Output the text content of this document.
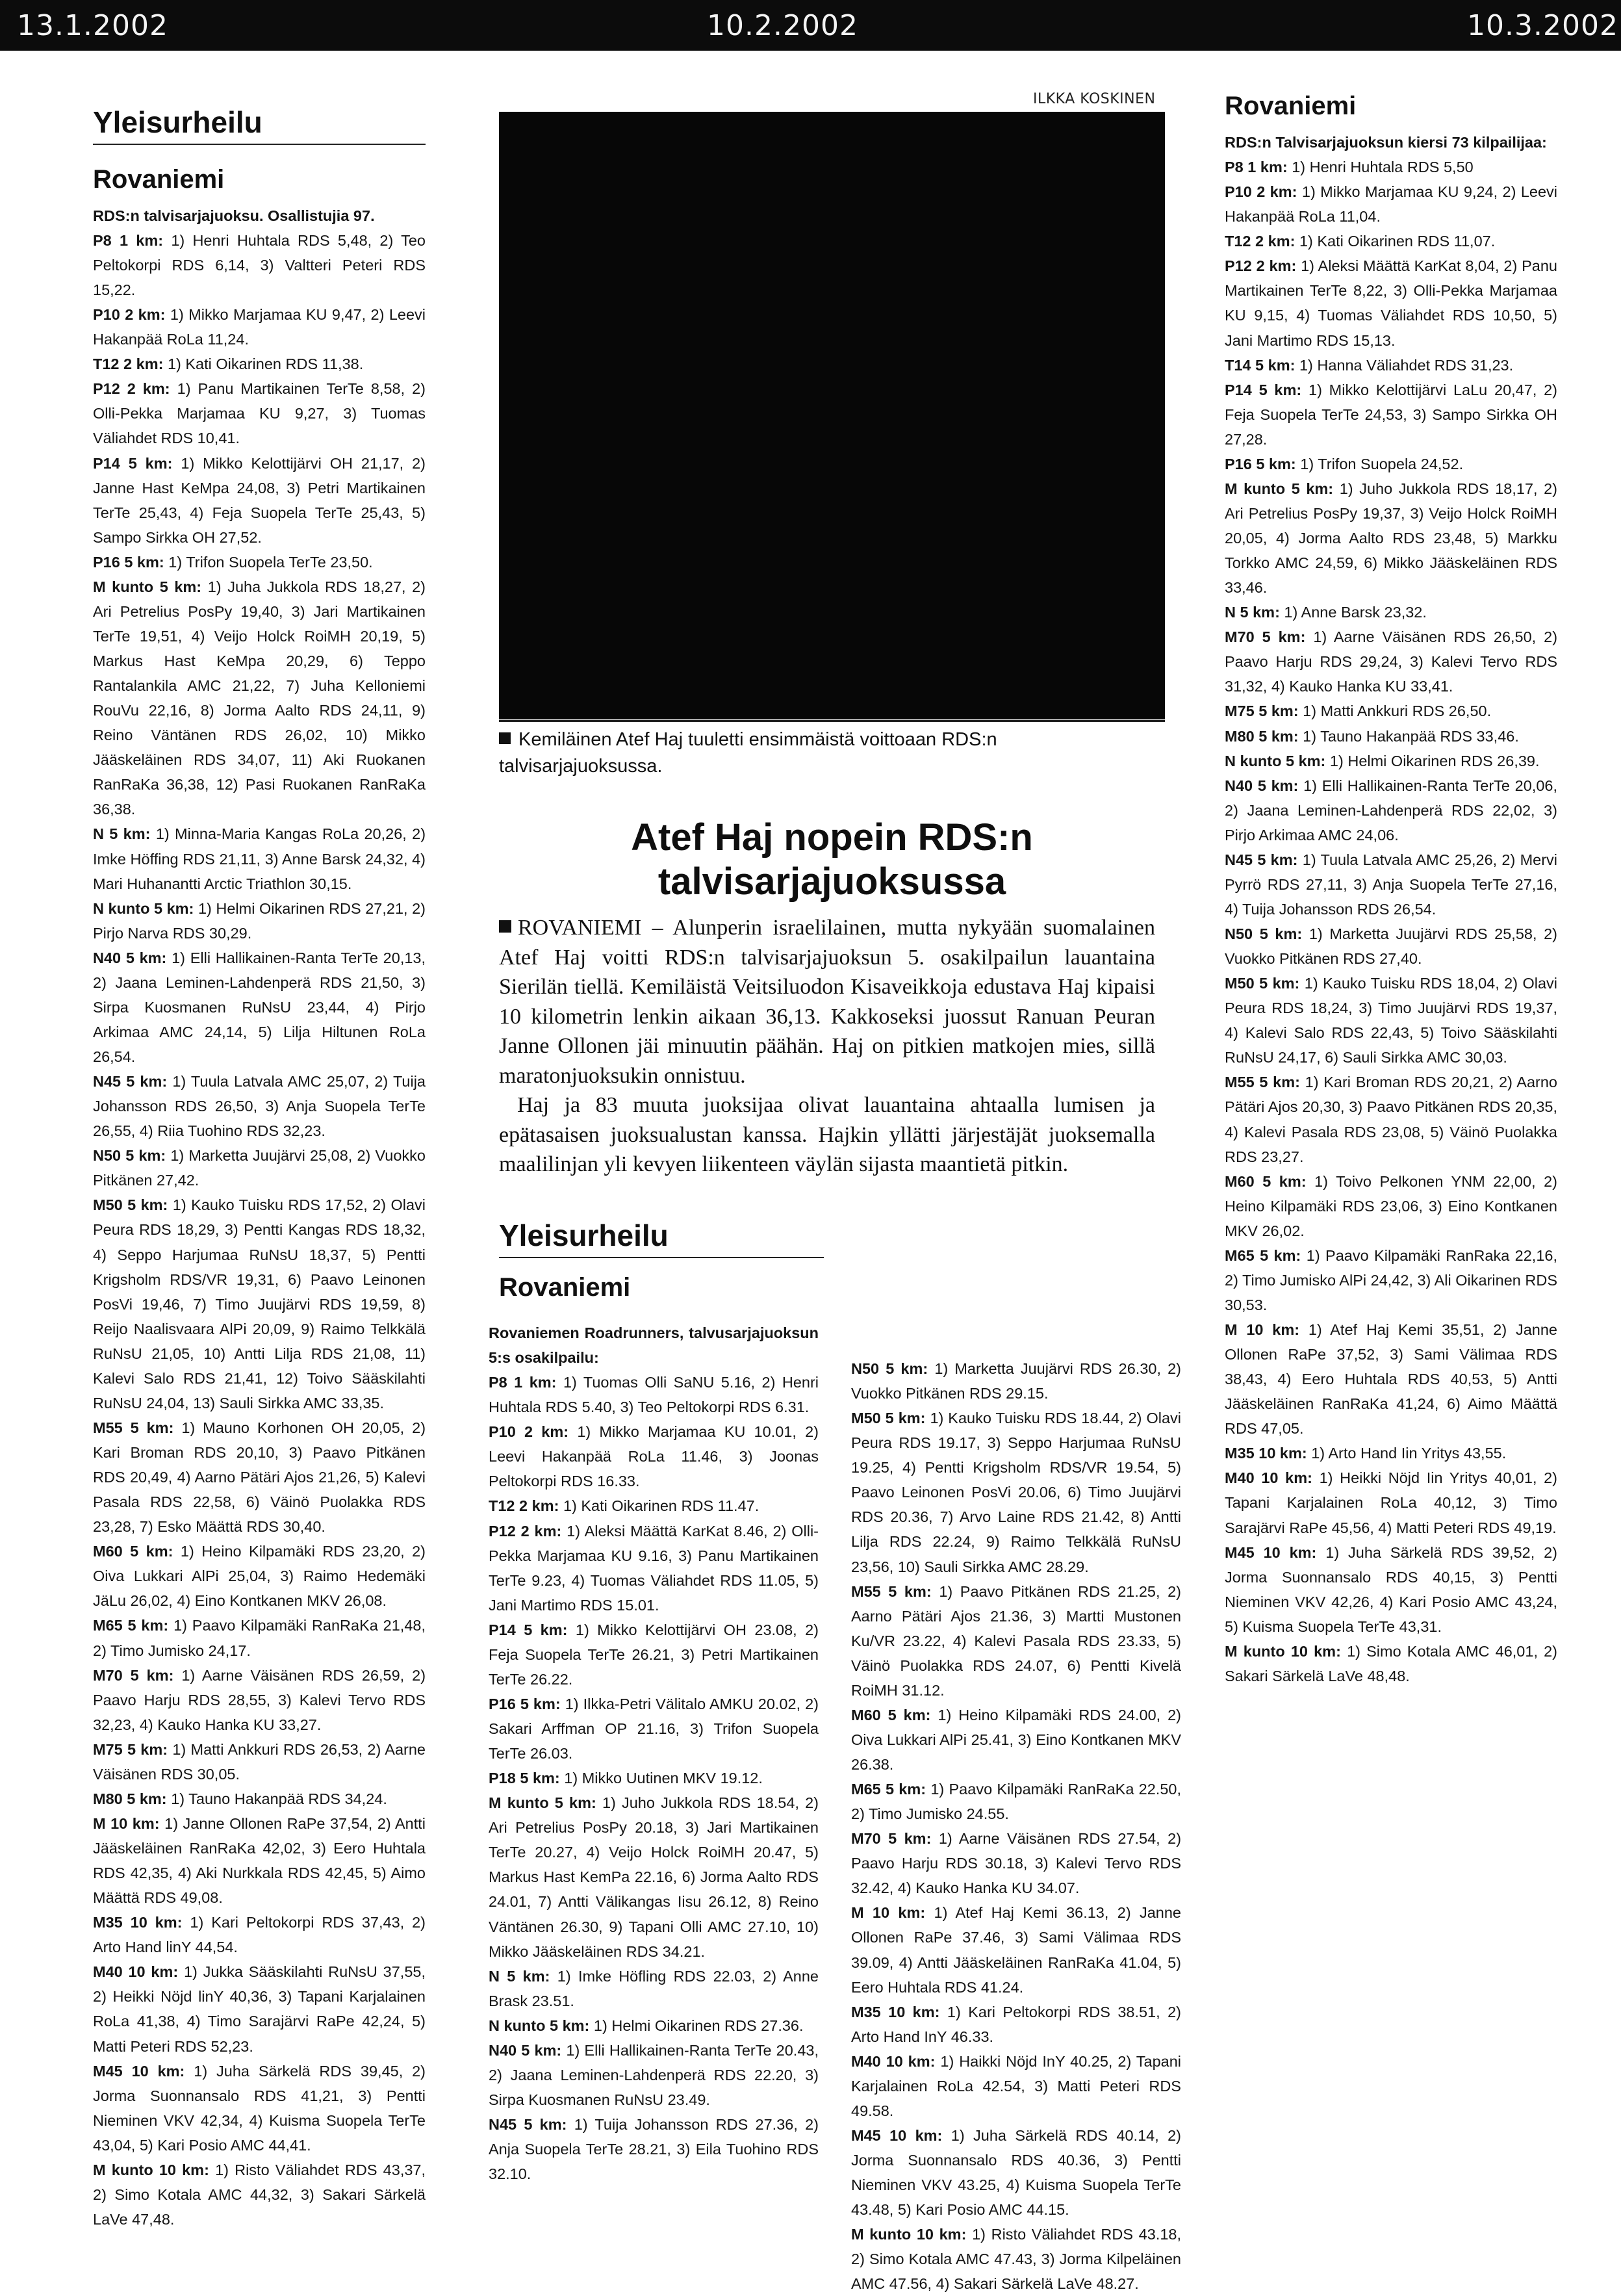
13.1.2002	10.2.2002	10.3.2002
Yleisurheilu
Rovaniemi

RDS:n talvisarjajuoksu. Osallistujia 97.

P8 1 km: 1) Henri Huhtala RDS 5,48, 2) Teo Peltokorpi RDS 6,14, 3) Valtteri Peteri RDS 15,22.

P10 2 km: 1) Mikko Marjamaa KU 9,47, 2) Leevi Hakanpää RoLa 11,24.

T12 2 km: 1) Kati Oikarinen RDS 11,38.

P12 2 km: 1) Panu Martikainen TerTe 8,58, 2) Olli-Pekka Marjamaa KU 9,27, 3) Tuomas Väliahdet RDS 10,41.

P14 5 km: 1) Mikko Kelottijärvi OH 21,17, 2) Janne Hast KeMpa 24,08, 3) Petri Martikainen TerTe 25,43, 4) Feja Suopela TerTe 25,43, 5) Sampo Sirkka OH 27,52.

P16 5 km: 1) Trifon Suopela TerTe 23,50.

M kunto 5 km: 1) Juha Jukkola RDS 18,27, 2) Ari Petrelius PosPy 19,40, 3) Jari Martikainen TerTe 19,51, 4) Veijo Holck RoiMH 20,19, 5) Markus Hast KeMpa 20,29, 6) Teppo Rantalankila AMC 21,22, 7) Juha Kelloniemi RouVu 22,16, 8) Jorma Aalto RDS 24,11, 9) Reino Väntänen RDS 26,02, 10) Mikko Jääskeläinen RDS 34,07, 11) Aki Ruokanen RanRaKa 36,38, 12) Pasi Ruokanen RanRaKa 36,38.

N 5 km: 1) Minna-Maria Kangas RoLa 20,26, 2) Imke Höffing RDS 21,11, 3) Anne Barsk 24,32, 4) Mari Huhanantti Arctic Triathlon 30,15.

N kunto 5 km: 1) Helmi Oikarinen RDS 27,21, 2) Pirjo Narva RDS 30,29.

N40 5 km: 1) Elli Hallikainen-Ranta TerTe 20,13, 2) Jaana Leminen-Lahdenperä RDS 21,50, 3) Sirpa Kuosmanen RuNsU 23,44, 4) Pirjo Arkimaa AMC 24,14, 5) Lilja Hiltunen RoLa 26,54.

N45 5 km: 1) Tuula Latvala AMC 25,07, 2) Tuija Johansson RDS 26,50, 3) Anja Suopela TerTe 26,55, 4) Riia Tuohino RDS 32,23.

N50 5 km: 1) Marketta Juujärvi 25,08, 2) Vuokko Pitkänen 27,42.

M50 5 km: 1) Kauko Tuisku RDS 17,52, 2) Olavi Peura RDS 18,29, 3) Pentti Kangas RDS 18,32, 4) Seppo Harjumaa RuNsU 18,37, 5) Pentti Krigsholm RDS/VR 19,31, 6) Paavo Leinonen PosVi 19,46, 7) Timo Juujärvi RDS 19,59, 8) Reijo Naalisvaara AlPi 20,09, 9) Raimo Telkkälä RuNsU 21,05, 10) Antti Lilja RDS 21,08, 11) Kalevi Salo RDS 21,41, 12) Toivo Sääskilahti RuNsU 24,04, 13) Sauli Sirkka AMC 33,35.

M55 5 km: 1) Mauno Korhonen OH 20,05, 2) Kari Broman RDS 20,10, 3) Paavo Pitkänen RDS 20,49, 4) Aarno Pätäri Ajos 21,26, 5) Kalevi Pasala RDS 22,58, 6) Väinö Puolakka RDS 23,28, 7) Esko Määttä RDS 30,40.

M60 5 km: 1) Heino Kilpamäki RDS 23,20, 2) Oiva Lukkari AlPi 25,04, 3) Raimo Hedemäki JäLu 26,02, 4) Eino Kontkanen MKV 26,08.

M65 5 km: 1) Paavo Kilpamäki RanRaKa 21,48, 2) Timo Jumisko 24,17.

M70 5 km: 1) Aarne Väisänen RDS 26,59, 2) Paavo Harju RDS 28,55, 3) Kalevi Tervo RDS 32,23, 4) Kauko Hanka KU 33,27.

M75 5 km: 1) Matti Ankkuri RDS 26,53, 2) Aarne Väisänen RDS 30,05.

M80 5 km: 1) Tauno Hakanpää RDS 34,24.

M 10 km: 1) Janne Ollonen RaPe 37,54, 2) Antti Jääskeläinen RanRaKa 42,02, 3) Eero Huhtala RDS 42,35, 4) Aki Nurkkala RDS 42,45, 5) Aimo Määttä RDS 49,08.

M35 10 km: 1) Kari Peltokorpi RDS 37,43, 2) Arto Hand linY 44,54.

M40 10 km: 1) Jukka Sääskilahti RuNsU 37,55, 2) Heikki Nöjd linY 40,36, 3) Tapani Karjalainen RoLa 41,38, 4) Timo Sarajärvi RaPe 42,24, 5) Matti Peteri RDS 52,23.

M45 10 km: 1) Juha Särkelä RDS 39,45, 2) Jorma Suonnansalo RDS 41,21, 3) Pentti Nieminen VKV 42,34, 4) Kuisma Suopela TerTe 43,04, 5) Kari Posio AMC 44,41.

M kunto 10 km: 1) Risto Väliahdet RDS 43,37, 2) Simo Kotala AMC 44,32, 3) Sakari Särkelä LaVe 47,48.

ILKKA KOSKINEN
Kemiläinen Atef Haj tuuletti ensimmäistä voittoaan RDS:n talvisarjajuoksussa.
Atef Haj nopein RDS:n talvisarjajuoksussa

ROVANIEMI – Alunperin israelilainen, mutta nykyään suomalainen Atef Haj voitti RDS:n talvisarjajuoksun 5. osakilpailun lauantaina Sierilän tiellä. Kemiläistä Veitsiluodon Kisaveikkoja edustava Haj kipaisi 10 kilometrin lenkin aikaan 36,13. Kakkoseksi juossut Ranuan Peuran Janne Ollonen jäi minuutin päähän. Haj on pitkien matkojen mies, sillä maratonjuoksukin onnistuu.

Haj ja 83 muuta juoksijaa olivat lauantaina ahtaalla lumisen ja epätasaisen juoksualustan kanssa. Hajkin yllätti järjestäjät juoksemalla maalilinjan yli kevyen liikenteen väylän sijasta maantietä pitkin.

Yleisurheilu
Rovaniemi

Rovaniemen Roadrunners, talvusarjajuoksun 5:s osakilpailu:

P8 1 km: 1) Tuomas Olli SaNU 5.16, 2) Henri Huhtala RDS 5.40, 3) Teo Peltokorpi RDS 6.31.

P10 2 km: 1) Mikko Marjamaa KU 10.01, 2) Leevi Hakanpää RoLa 11.46, 3) Joonas Peltokorpi RDS 16.33.

T12 2 km: 1) Kati Oikarinen RDS 11.47.

P12 2 km: 1) Aleksi Määttä KarKat 8.46, 2) Olli-Pekka Marjamaa KU 9.16, 3) Panu Martikainen TerTe 9.23, 4) Tuomas Väliahdet RDS 11.05, 5) Jani Martimo RDS 15.01.

P14 5 km: 1) Mikko Kelottijärvi OH 23.08, 2) Feja Suopela TerTe 26.21, 3) Petri Martikainen TerTe 26.22.

P16 5 km: 1) Ilkka-Petri Välitalo AMKU 20.02, 2) Sakari Arffman OP 21.16, 3) Trifon Suopela TerTe 26.03.

P18 5 km: 1) Mikko Uutinen MKV 19.12.

M kunto 5 km: 1) Juho Jukkola RDS 18.54, 2) Ari Petrelius PosPy 20.18, 3) Jari Martikainen TerTe 20.27, 4) Veijo Holck RoiMH 20.47, 5) Markus Hast KemPa 22.16, 6) Jorma Aalto RDS 24.01, 7) Antti Välikangas Iisu 26.12, 8) Reino Väntänen 26.30, 9) Tapani Olli AMC 27.10, 10) Mikko Jääskeläinen RDS 34.21.

N 5 km: 1) Imke Höfling RDS 22.03, 2) Anne Brask 23.51.

N kunto 5 km: 1) Helmi Oikarinen RDS 27.36.

N40 5 km: 1) Elli Hallikainen-Ranta TerTe 20.43, 2) Jaana Leminen-Lahdenperä RDS 22.20, 3) Sirpa Kuosmanen RuNsU 23.49.

N45 5 km: 1) Tuija Johansson RDS 27.36, 2) Anja Suopela TerTe 28.21, 3) Eila Tuohino RDS 32.10.

N50 5 km: 1) Marketta Juujärvi RDS 26.30, 2) Vuokko Pitkänen RDS 29.15.

M50 5 km: 1) Kauko Tuisku RDS 18.44, 2) Olavi Peura RDS 19.17, 3) Seppo Harjumaa RuNsU 19.25, 4) Pentti Krigsholm RDS/VR 19.54, 5) Paavo Leinonen PosVi 20.06, 6) Timo Juujärvi RDS 20.36, 7) Arvo Laine RDS 21.42, 8) Antti Lilja RDS 22.24, 9) Raimo Telkkälä RuNsU 23,56, 10) Sauli Sirkka AMC 28.29.

M55 5 km: 1) Paavo Pitkänen RDS 21.25, 2) Aarno Pätäri Ajos 21.36, 3) Martti Mustonen Ku/VR 23.22, 4) Kalevi Pasala RDS 23.33, 5) Väinö Puolakka RDS 24.07, 6) Pentti Kivelä RoiMH 31.12.

M60 5 km: 1) Heino Kilpamäki RDS 24.00, 2) Oiva Lukkari AlPi 25.41, 3) Eino Kontkanen MKV 26.38.

M65 5 km: 1) Paavo Kilpamäki RanRaKa 22.50, 2) Timo Jumisko 24.55.

M70 5 km: 1) Aarne Väisänen RDS 27.54, 2) Paavo Harju RDS 30.18, 3) Kalevi Tervo RDS 32.42, 4) Kauko Hanka KU 34.07.

M 10 km: 1) Atef Haj Kemi 36.13, 2) Janne Ollonen RaPe 37.46, 3) Sami Välimaa RDS 39.09, 4) Antti Jääskeläinen RanRaKa 41.04, 5) Eero Huhtala RDS 41.24.

M35 10 km: 1) Kari Peltokorpi RDS 38.51, 2) Arto Hand InY 46.33.

M40 10 km: 1) Haikki Nöjd InY 40.25, 2) Tapani Karjalainen RoLa 42.54, 3) Matti Peteri RDS 49.58.

M45 10 km: 1) Juha Särkelä RDS 40.14, 2) Jorma Suonnansalo RDS 40.36, 3) Pentti Nieminen VKV 43.25, 4) Kuisma Suopela TerTe 43.48, 5) Kari Posio AMC 44.15.

M kunto 10 km: 1) Risto Väliahdet RDS 43.18, 2) Simo Kotala AMC 47.43, 3) Jorma Kilpeläinen AMC 47.56, 4) Sakari Särkelä LaVe 48.27.

Rovaniemi

RDS:n Talvisarjajuoksun kiersi 73 kilpailijaa:

P8 1 km: 1) Henri Huhtala RDS 5,50

P10 2 km: 1) Mikko Marjamaa KU 9,24, 2) Leevi Hakanpää RoLa 11,04.

T12 2 km: 1) Kati Oikarinen RDS 11,07.

P12 2 km: 1) Aleksi Määttä KarKat 8,04, 2) Panu Martikainen TerTe 8,22, 3) Olli-Pekka Marjamaa KU 9,15, 4) Tuomas Väliahdet RDS 10,50, 5) Jani Martimo RDS 15,13.

T14 5 km: 1) Hanna Väliahdet RDS 31,23.

P14 5 km: 1) Mikko Kelottijärvi LaLu 20,47, 2) Feja Suopela TerTe 24,53, 3) Sampo Sirkka OH 27,28.

P16 5 km: 1) Trifon Suopela 24,52.

M kunto 5 km: 1) Juho Jukkola RDS 18,17, 2) Ari Petrelius PosPy 19,37, 3) Veijo Holck RoiMH 20,05, 4) Jorma Aalto RDS 23,48, 5) Markku Torkko AMC 24,59, 6) Mikko Jääskeläinen RDS 33,46.

N 5 km: 1) Anne Barsk 23,32.

M70 5 km: 1) Aarne Väisänen RDS 26,50, 2) Paavo Harju RDS 29,24, 3) Kalevi Tervo RDS 31,32, 4) Kauko Hanka KU 33,41.

M75 5 km: 1) Matti Ankkuri RDS 26,50.

M80 5 km: 1) Tauno Hakanpää RDS 33,46.

N kunto 5 km: 1) Helmi Oikarinen RDS 26,39.

N40 5 km: 1) Elli Hallikainen-Ranta TerTe 20,06, 2) Jaana Leminen-Lahdenperä RDS 22,02, 3) Pirjo Arkimaa AMC 24,06.

N45 5 km: 1) Tuula Latvala AMC 25,26, 2) Mervi Pyrrö RDS 27,11, 3) Anja Suopela TerTe 27,16, 4) Tuija Johansson RDS 26,54.

N50 5 km: 1) Marketta Juujärvi RDS 25,58, 2) Vuokko Pitkänen RDS 27,40.

M50 5 km: 1) Kauko Tuisku RDS 18,04, 2) Olavi Peura RDS 18,24, 3) Timo Juujärvi RDS 19,37, 4) Kalevi Salo RDS 22,43, 5) Toivo Sääskilahti RuNsU 24,17, 6) Sauli Sirkka AMC 30,03.

M55 5 km: 1) Kari Broman RDS 20,21, 2) Aarno Pätäri Ajos 20,30, 3) Paavo Pitkänen RDS 20,35, 4) Kalevi Pasala RDS 23,08, 5) Väinö Puolakka RDS 23,27.

M60 5 km: 1) Toivo Pelkonen YNM 22,00, 2) Heino Kilpamäki RDS 23,06, 3) Eino Kontkanen MKV 26,02.

M65 5 km: 1) Paavo Kilpamäki RanRaka 22,16, 2) Timo Jumisko AlPi 24,42, 3) Ali Oikarinen RDS 30,53.

M 10 km: 1) Atef Haj Kemi 35,51, 2) Janne Ollonen RaPe 37,52, 3) Sami Välimaa RDS 38,43, 4) Eero Huhtala RDS 40,53, 5) Antti Jääskeläinen RanRaKa 41,24, 6) Aimo Määttä RDS 47,05.

M35 10 km: 1) Arto Hand Iin Yritys 43,55.

M40 10 km: 1) Heikki Nöjd Iin Yritys 40,01, 2) Tapani Karjalainen RoLa 40,12, 3) Timo Sarajärvi RaPe 45,56, 4) Matti Peteri RDS 49,19.

M45 10 km: 1) Juha Särkelä RDS 39,52, 2) Jorma Suonnansalo RDS 40,15, 3) Pentti Nieminen VKV 42,26, 4) Kari Posio AMC 43,24, 5) Kuisma Suopela TerTe 43,31.

M kunto 10 km: 1) Simo Kotala AMC 46,01, 2) Sakari Särkelä LaVe 48,48.
